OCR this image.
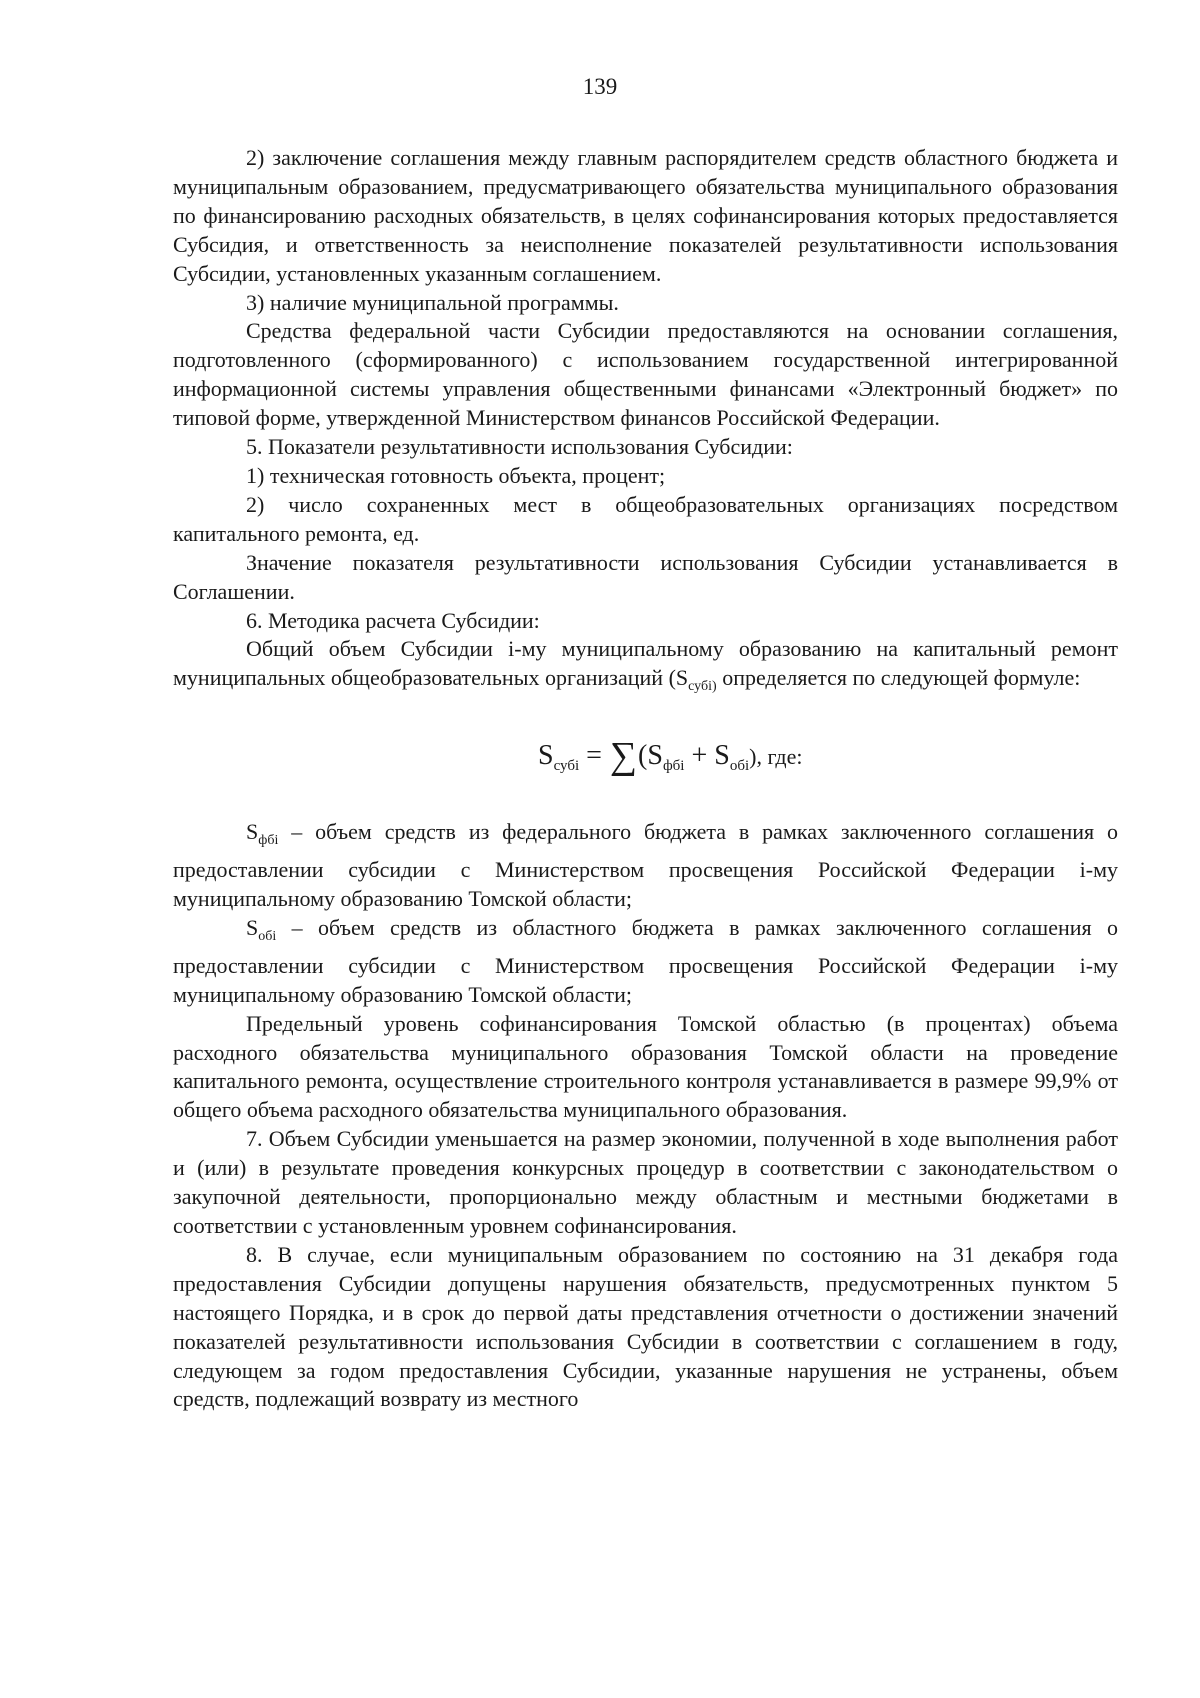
139

2) заключение соглашения между главным распорядителем средств областного бюджета и муниципальным образованием, предусматривающего обязательства муниципального образования по финансированию расходных обязательств, в целях софинансирования которых предоставляется Субсидия, и ответственность за неисполнение показателей результативности использования Субсидии, установленных указанным соглашением.

3) наличие муниципальной программы.

Средства федеральной части Субсидии предоставляются на основании соглашения, подготовленного (сформированного) с использованием государственной интегрированной информационной системы управления общественными финансами «Электронный бюджет» по типовой форме, утвержденной Министерством финансов Российской Федерации.

5. Показатели результативности использования Субсидии:

1) техническая готовность объекта, процент;

2) число сохраненных мест в общеобразовательных организациях посредством капитального ремонта, ед.

Значение показателя результативности использования Субсидии устанавливается в Соглашении.

6. Методика расчета Субсидии:

Общий объем Субсидии i-му муниципальному образованию на капитальный ремонт муниципальных общеобразовательных организаций ($S_{субi)}$ определяется по следующей формуле:

$S_{субi} = \sum(S_{фбi} + S_{обi})$, где:

$S_{фбi}$ – объем средств из федерального бюджета в рамках заключенного соглашения о предоставлении субсидии с Министерством просвещения Российской Федерации i-му муниципальному образованию Томской области;

$S_{обi}$ – объем средств из областного бюджета в рамках заключенного соглашения о предоставлении субсидии с Министерством просвещения Российской Федерации i-му муниципальному образованию Томской области;

Предельный уровень софинансирования Томской областью (в процентах) объема расходного обязательства муниципального образования Томской области на проведение капитального ремонта, осуществление строительного контроля устанавливается в размере 99,9% от общего объема расходного обязательства муниципального образования.

7. Объем Субсидии уменьшается на размер экономии, полученной в ходе выполнения работ и (или) в результате проведения конкурсных процедур в соответствии с законодательством о закупочной деятельности, пропорционально между областным и местными бюджетами в соответствии с установленным уровнем софинансирования.

8. В случае, если муниципальным образованием по состоянию на 31 декабря года предоставления Субсидии допущены нарушения обязательств, предусмотренных пунктом 5 настоящего Порядка, и в срок до первой даты представления отчетности о достижении значений показателей результативности использования Субсидии в соответствии с соглашением в году, следующем за годом предоставления Субсидии, указанные нарушения не устранены, объем средств, подлежащий возврату из местного
